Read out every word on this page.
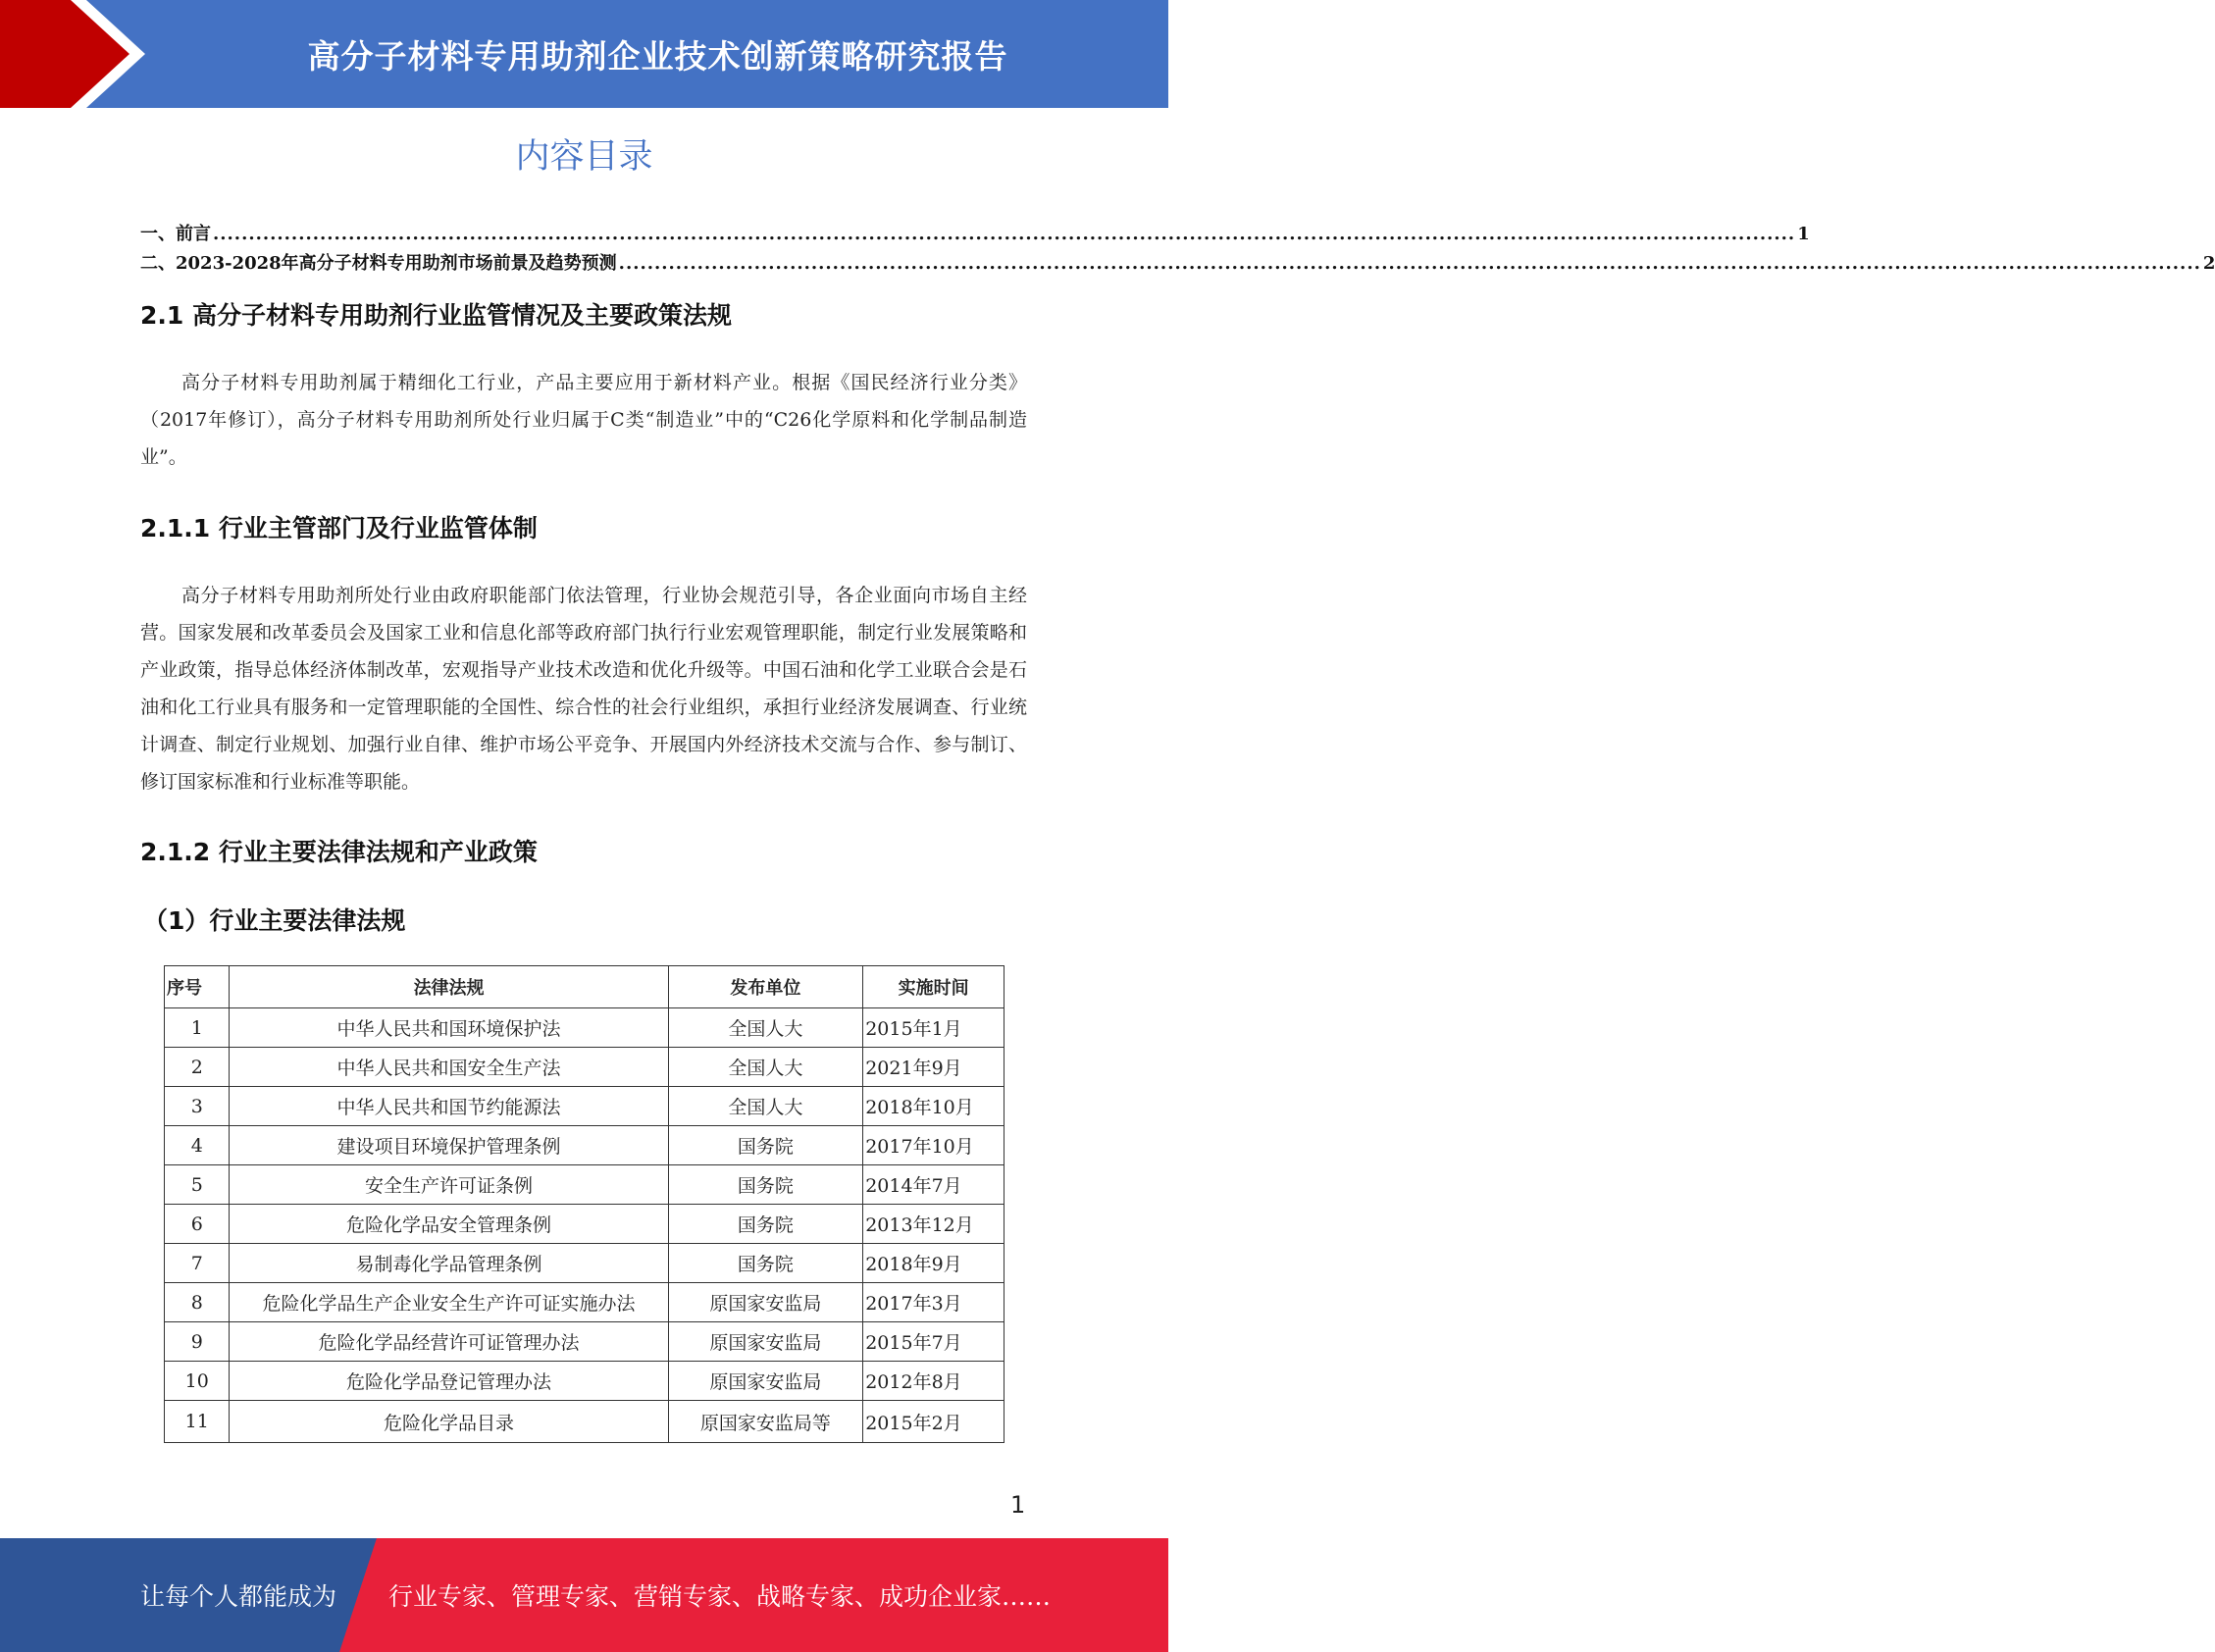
高分子材料专用助剂企业技术创新策略研究报告
内容目录
一、前言 .............................................................................................................................................................................................................................. 1
二、2023-2028年高分子材料专用助剂市场前景及趋势预测 .............................................................................................................................................................................................................................. 2
2.1 高分子材料专用助剂行业监管情况及主要政策法规
高分子材料专用助剂属于精细化工行业，产品主要应用于新材料产业。根据《国民经济行业分类》（2017年修订），高分子材料专用助剂所处行业归属于C类“制造业”中的“C26化学原料和化学制品制造业”。
2.1.1 行业主管部门及行业监管体制
高分子材料专用助剂所处行业由政府职能部门依法管理，行业协会规范引导，各企业面向市场自主经营。国家发展和改革委员会及国家工业和信息化部等政府部门执行行业宏观管理职能，制定行业发展策略和产业政策，指导总体经济体制改革，宏观指导产业技术改造和优化升级等。中国石油和化学工业联合会是石油和化工行业具有服务和一定管理职能的全国性、综合性的社会行业组织，承担行业经济发展调查、行业统计调查、制定行业规划、加强行业自律、维护市场公平竞争、开展国内外经济技术交流与合作、参与制订、修订国家标准和行业标准等职能。
2.1.2 行业主要法律法规和产业政策
（1）行业主要法律法规
序号	法律法规	发布单位	实施时间
1	中华人民共和国环境保护法	全国人大	2015年1月
2	中华人民共和国安全生产法	全国人大	2021年9月
3	中华人民共和国节约能源法	全国人大	2018年10月
4	建设项目环境保护管理条例	国务院	2017年10月
5	安全生产许可证条例	国务院	2014年7月
6	危险化学品安全管理条例	国务院	2013年12月
7	易制毒化学品管理条例	国务院	2018年9月
8	危险化学品生产企业安全生产许可证实施办法	原国家安监局	2017年3月
9	危险化学品经营许可证管理办法	原国家安监局	2015年7月
10	危险化学品登记管理办法	原国家安监局	2012年8月
11	危险化学品目录	原国家安监局等	2015年2月
1
让每个人都能成为 行业专家、管理专家、营销专家、战略专家、成功企业家……
